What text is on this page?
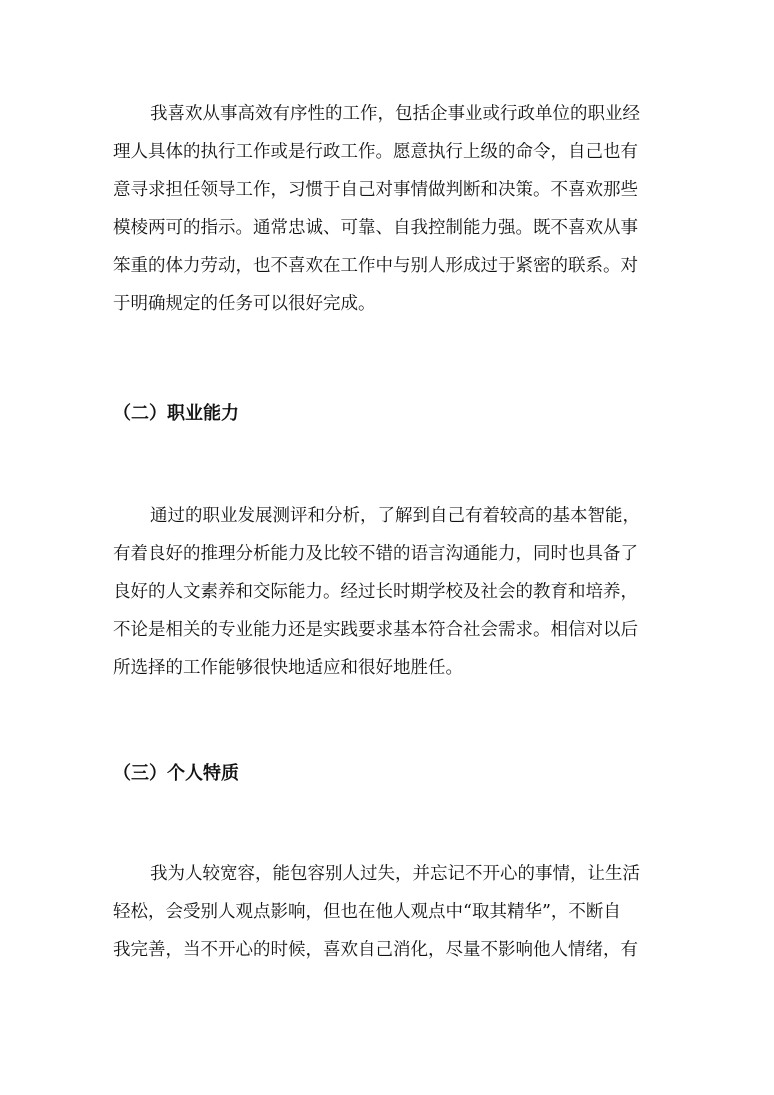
我喜欢从事高效有序性的工作，包括企事业或行政单位的职业经
理人具体的执行工作或是行政工作。愿意执行上级的命令，自己也有
意寻求担任领导工作，习惯于自己对事情做判断和决策。不喜欢那些
模棱两可的指示。通常忠诚、可靠、自我控制能力强。既不喜欢从事
笨重的体力劳动，也不喜欢在工作中与别人形成过于紧密的联系。对
于明确规定的任务可以很好完成。

（二）职业能力

通过的职业发展测评和分析，了解到自己有着较高的基本智能，
有着良好的推理分析能力及比较不错的语言沟通能力，同时也具备了
良好的人文素养和交际能力。经过长时期学校及社会的教育和培养，
不论是相关的专业能力还是实践要求基本符合社会需求。相信对以后
所选择的工作能够很快地适应和很好地胜任。

（三）个人特质

我为人较宽容，能包容别人过失，并忘记不开心的事情，让生活
轻松，会受别人观点影响，但也在他人观点中“取其精华”，不断自
我完善，当不开心的时候，喜欢自己消化，尽量不影响他人情绪，有
